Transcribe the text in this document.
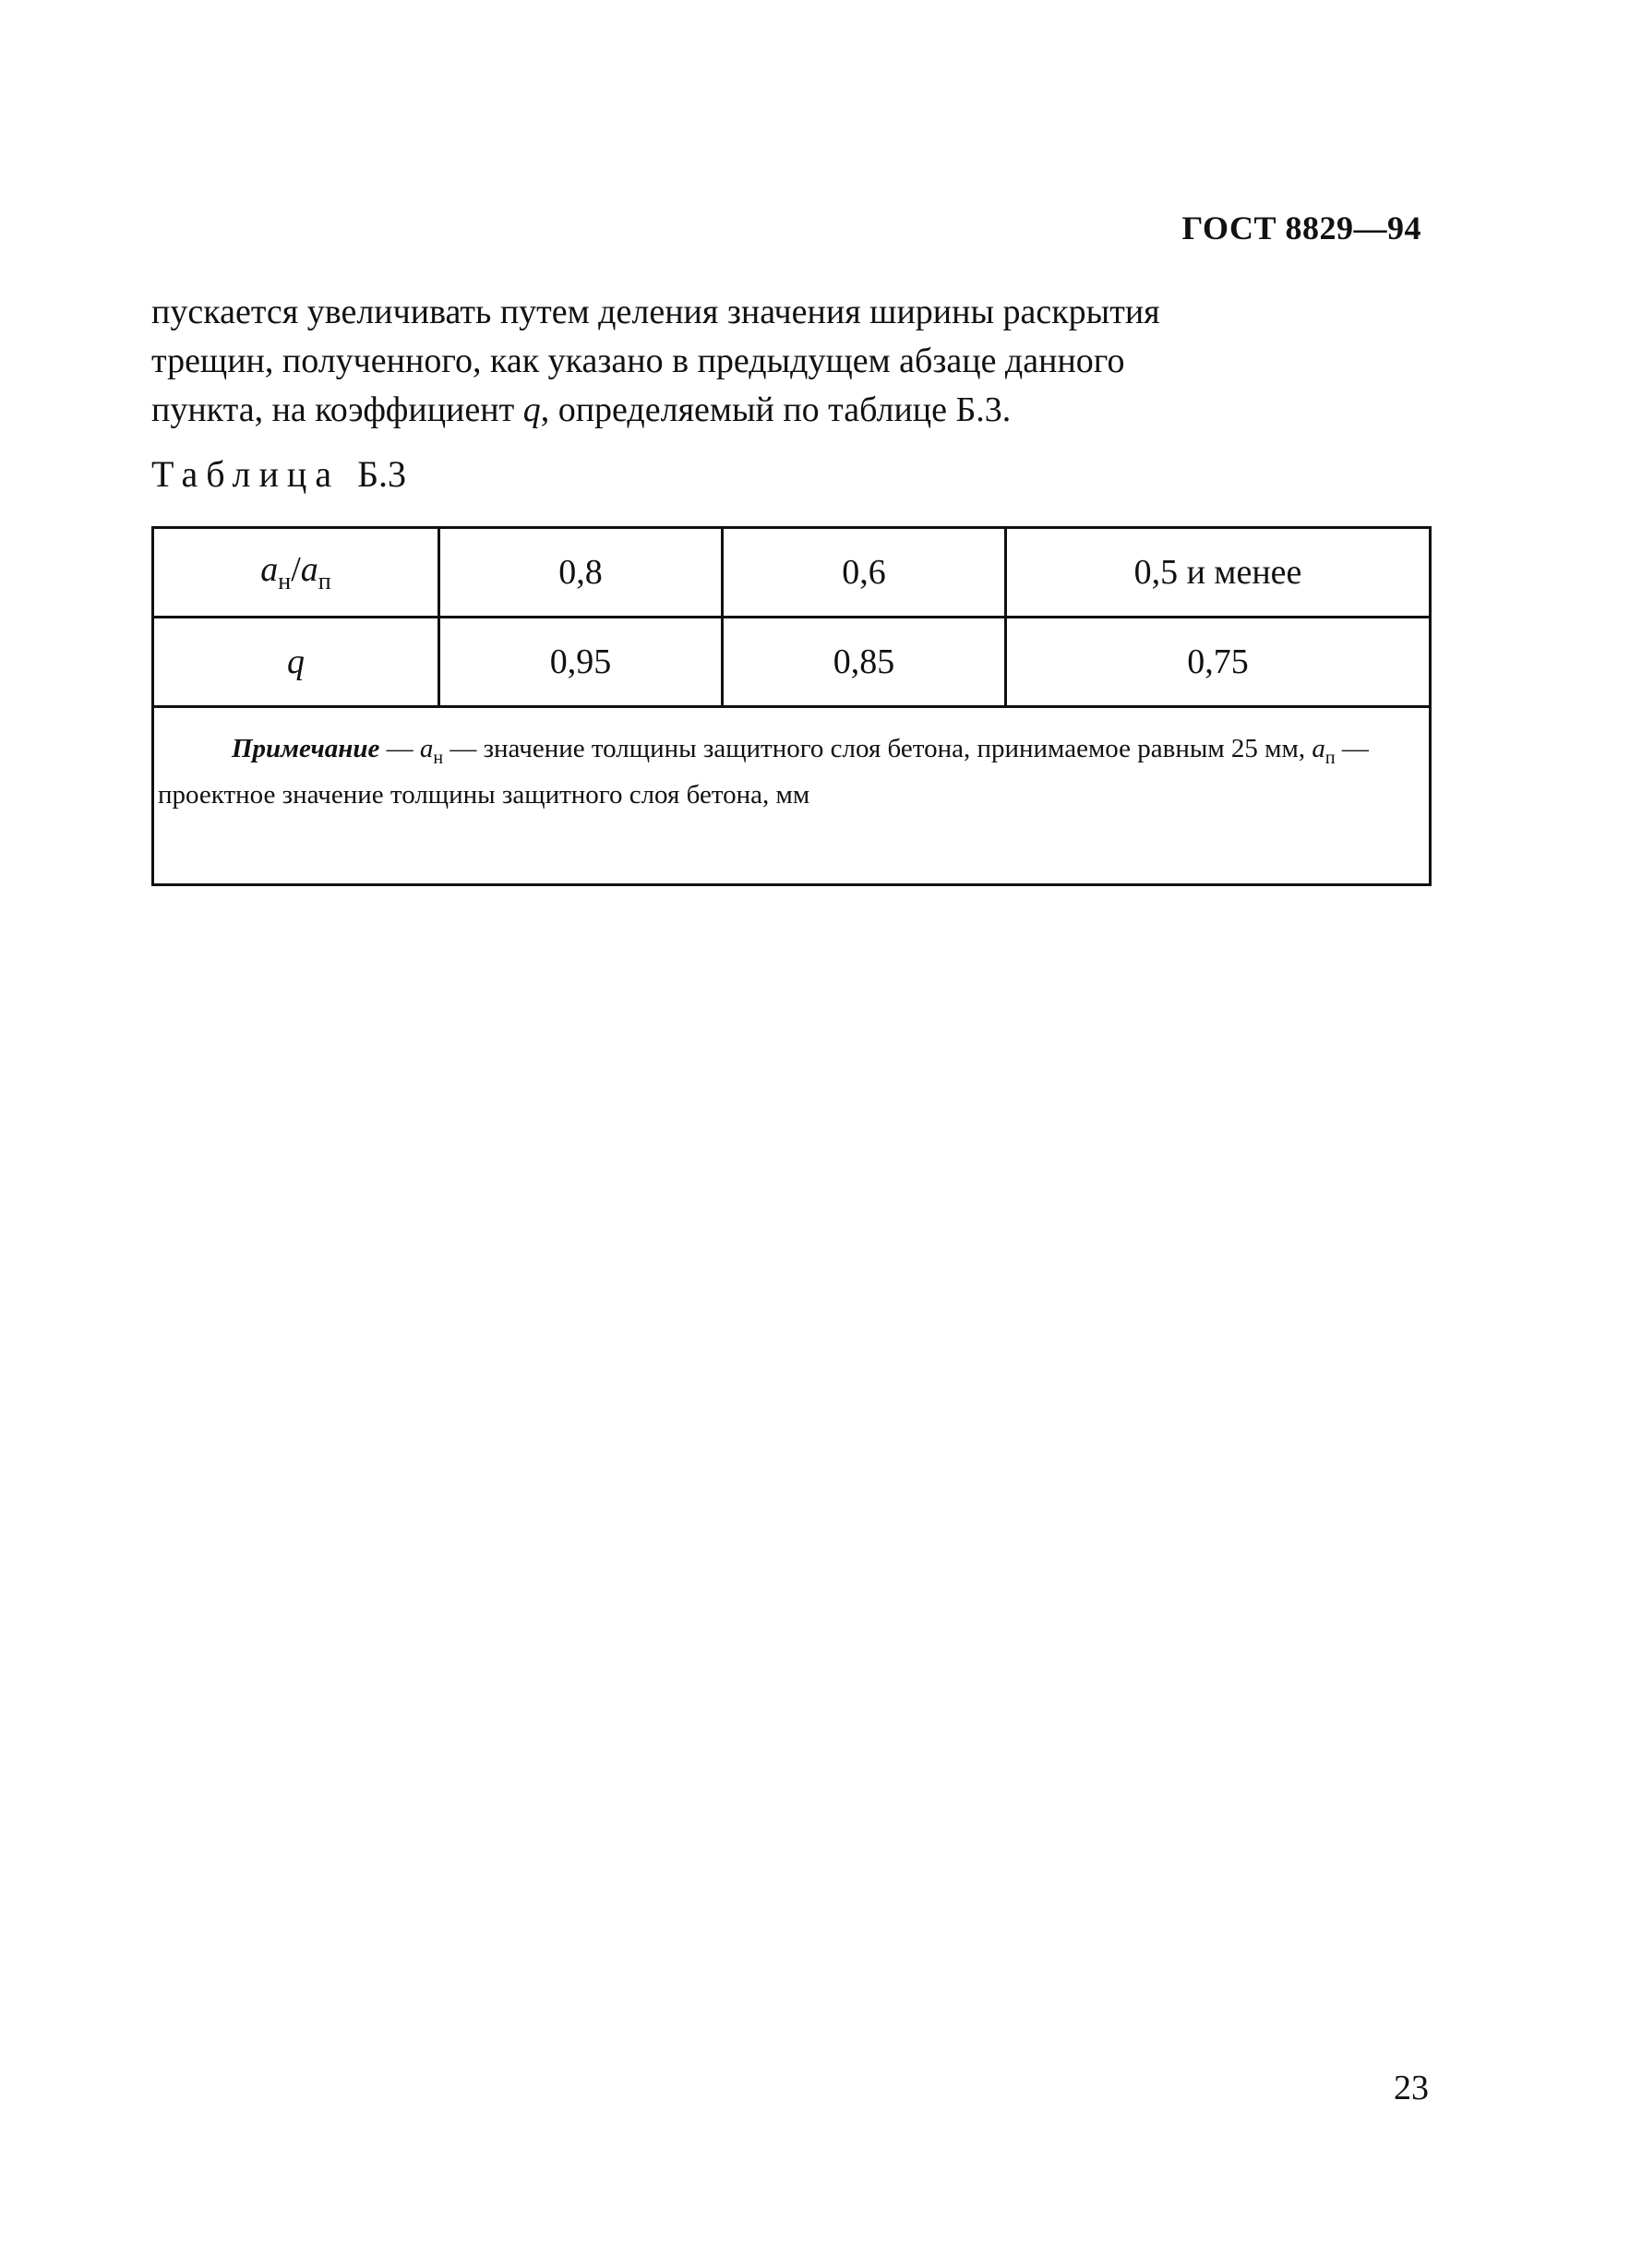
ГОСТ 8829—94
пускается увеличивать путем деления значения ширины раскрытия
трещин, полученного, как указано в предыдущем абзаце данного
пункта, на коэффициент q, определяемый по таблице Б.3.
Таблица Б.3
$a_н/a_п$	0,8	0,6	0,5 и менее
q	0,95	0,85	0,75
Примечание — $a_н$ — значение толщины защитного слоя бетона, принимаемое равным 25 мм, $a_п$ — проектное значение толщины защитного слоя бетона, мм			
23
